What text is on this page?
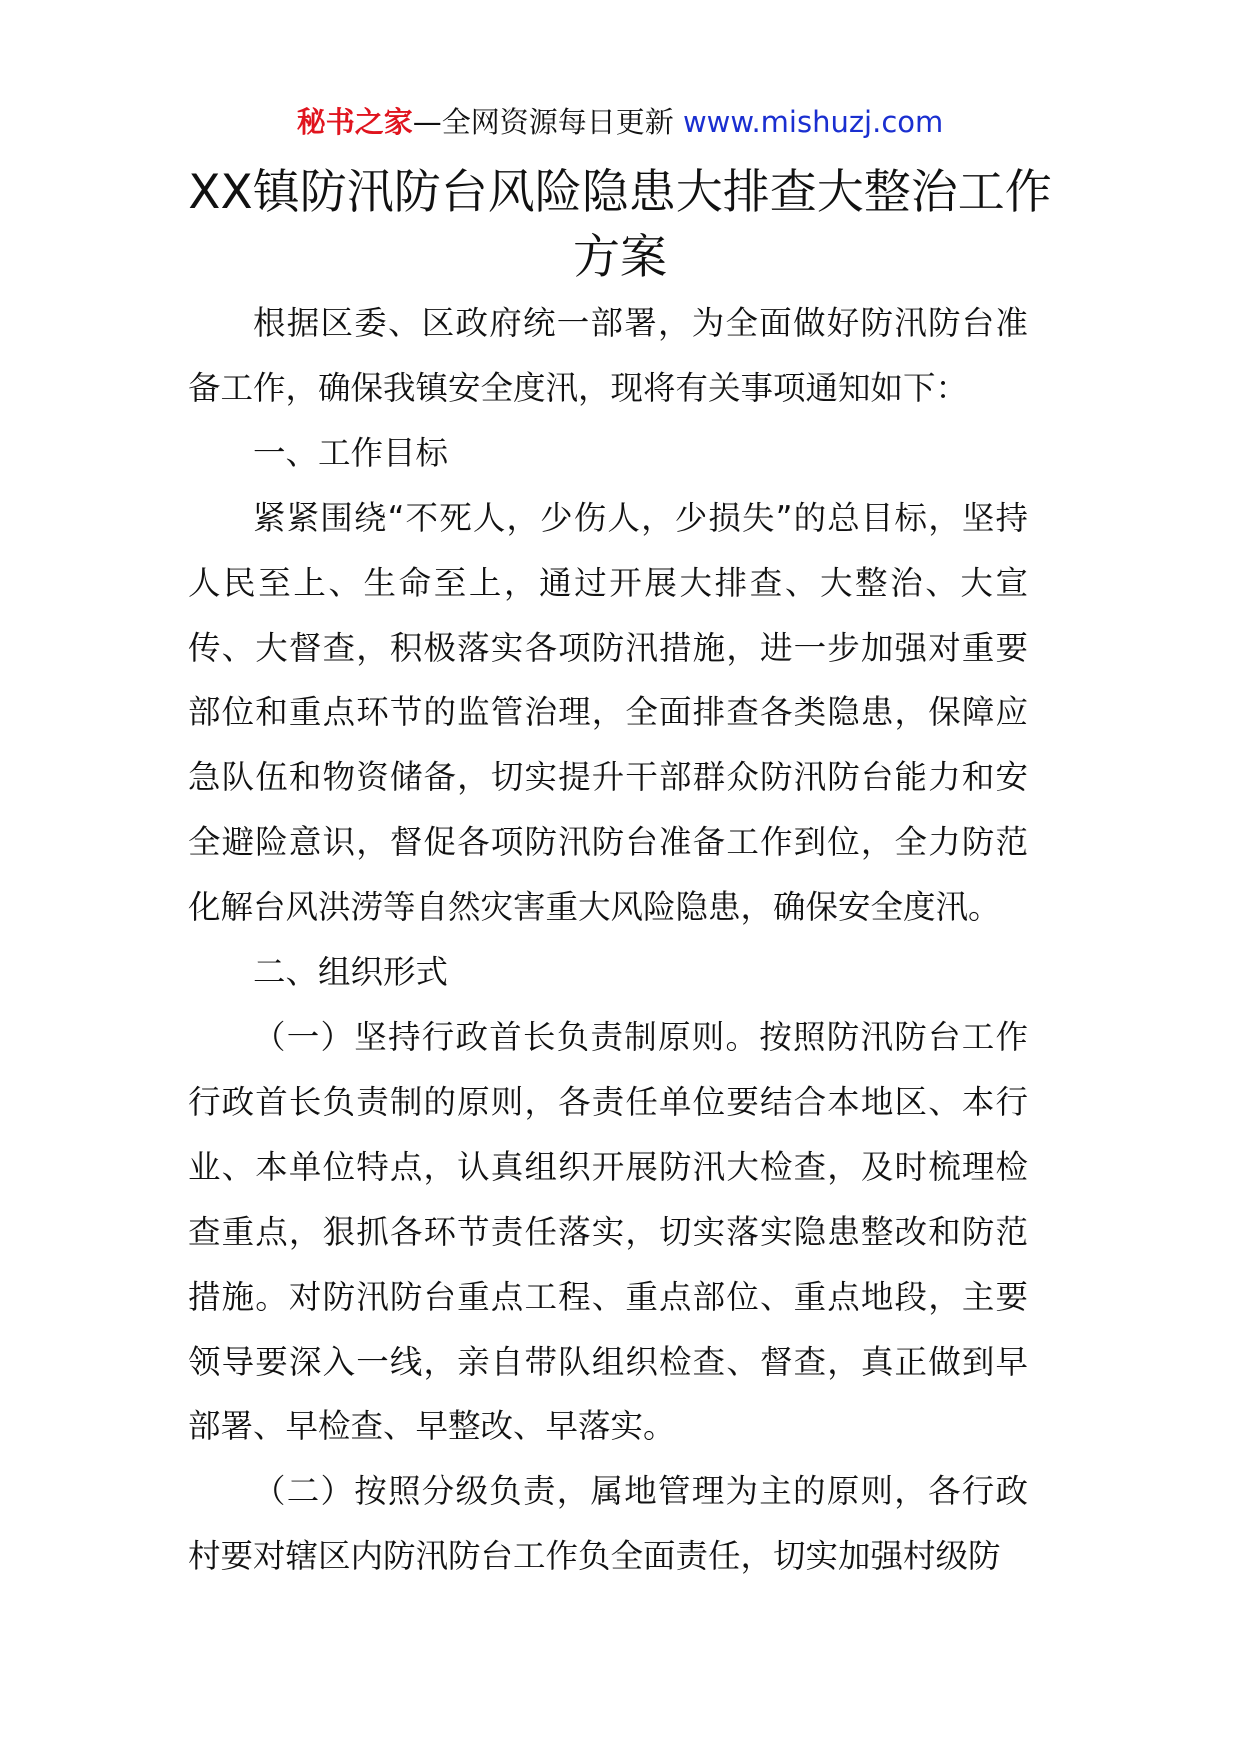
秘书之家—全网资源每日更新 www.mishuzj.com
XX镇防汛防台风险隐患大排查大整治工作
方案

根据区委、区政府统一部署，为全面做好防汛防台准备工作，确保我镇安全度汛，现将有关事项通知如下：

一、工作目标

紧紧围绕“不死人，少伤人，少损失”的总目标，坚持人民至上、生命至上，通过开展大排查、大整治、大宣传、大督查，积极落实各项防汛措施，进一步加强对重要部位和重点环节的监管治理，全面排查各类隐患，保障应急队伍和物资储备，切实提升干部群众防汛防台能力和安全避险意识，督促各项防汛防台准备工作到位，全力防范化解台风洪涝等自然灾害重大风险隐患，确保安全度汛。

二、组织形式

（一）坚持行政首长负责制原则。按照防汛防台工作行政首长负责制的原则，各责任单位要结合本地区、本行业、本单位特点，认真组织开展防汛大检查，及时梳理检查重点，狠抓各环节责任落实，切实落实隐患整改和防范措施。对防汛防台重点工程、重点部位、重点地段，主要领导要深入一线，亲自带队组织检查、督查，真正做到早部署、早检查、早整改、早落实。

（二）按照分级负责，属地管理为主的原则，各行政村要对辖区内防汛防台工作负全面责任，切实加强村级防
